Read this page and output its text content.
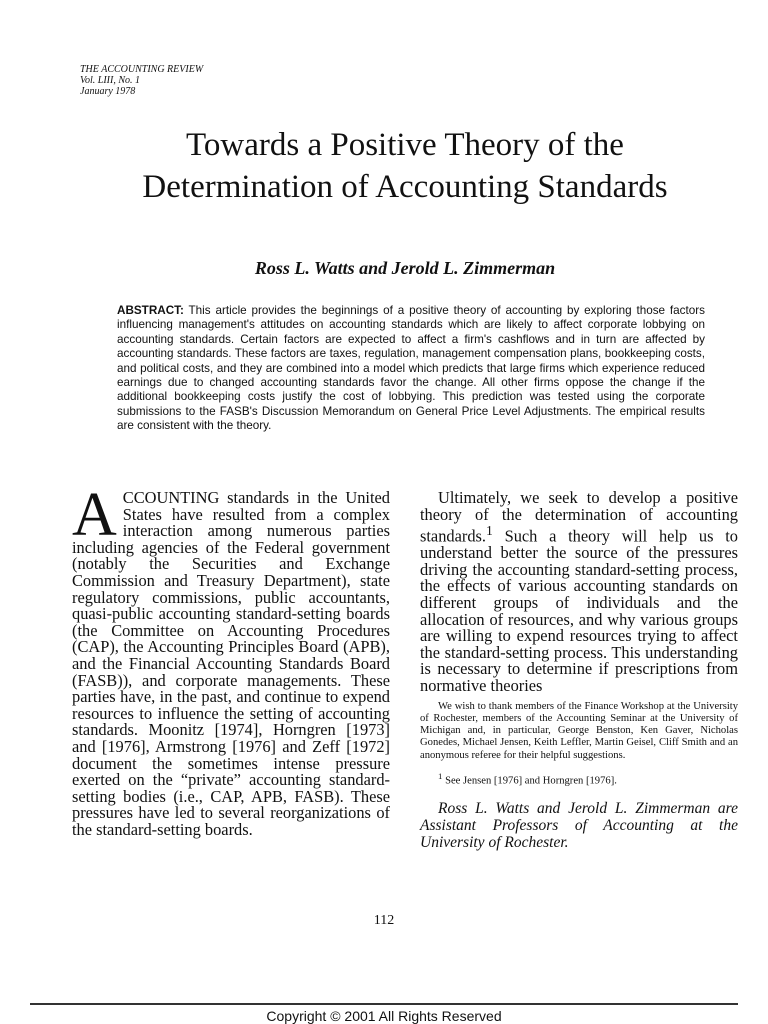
THE ACCOUNTING REVIEW
Vol. LIII, No. 1
January 1978
Towards a Positive Theory of the Determination of Accounting Standards
Ross L. Watts and Jerold L. Zimmerman
ABSTRACT: This article provides the beginnings of a positive theory of accounting by exploring those factors influencing management's attitudes on accounting standards which are likely to affect corporate lobbying on accounting standards. Certain factors are expected to affect a firm's cashflows and in turn are affected by accounting standards. These factors are taxes, regulation, management compensation plans, bookkeeping costs, and political costs, and they are combined into a model which predicts that large firms which experience reduced earnings due to changed accounting standards favor the change. All other firms oppose the change if the additional bookkeeping costs justify the cost of lobbying. This prediction was tested using the corporate submissions to the FASB's Discussion Memorandum on General Price Level Adjustments. The empirical results are consistent with the theory.

ACCOUNTING standards in the United States have resulted from a complex interaction among numerous parties including agencies of the Federal government (notably the Securities and Exchange Commission and Treasury Department), state regulatory commissions, public accountants, quasi-public accounting standard-setting boards (the Committee on Accounting Procedures (CAP), the Accounting Principles Board (APB), and the Financial Accounting Standards Board (FASB)), and corporate managements. These parties have, in the past, and continue to expend resources to influence the setting of accounting standards. Moonitz [1974], Horngren [1973] and [1976], Armstrong [1976] and Zeff [1972] document the sometimes intense pressure exerted on the “private” accounting standard-setting bodies (i.e., CAP, APB, FASB). These pressures have led to several reorganizations of the standard-setting boards.

Ultimately, we seek to develop a positive theory of the determination of accounting standards.$^1$ Such a theory will help us to understand better the source of the pressures driving the accounting standard-setting process, the effects of various accounting standards on different groups of individuals and the allocation of resources, and why various groups are willing to expend resources trying to affect the standard-setting process. This understanding is necessary to determine if prescriptions from normative theories

We wish to thank members of the Finance Workshop at the University of Rochester, members of the Accounting Seminar at the University of Michigan and, in particular, George Benston, Ken Gaver, Nicholas Gonedes, Michael Jensen, Keith Leffler, Martin Geisel, Cliff Smith and an anonymous referee for their helpful suggestions.

$^1$ See Jensen [1976] and Horngren [1976].

Ross L. Watts and Jerold L. Zimmerman are Assistant Professors of Accounting at the University of Rochester.

112
Copyright © 2001 All Rights Reserved
